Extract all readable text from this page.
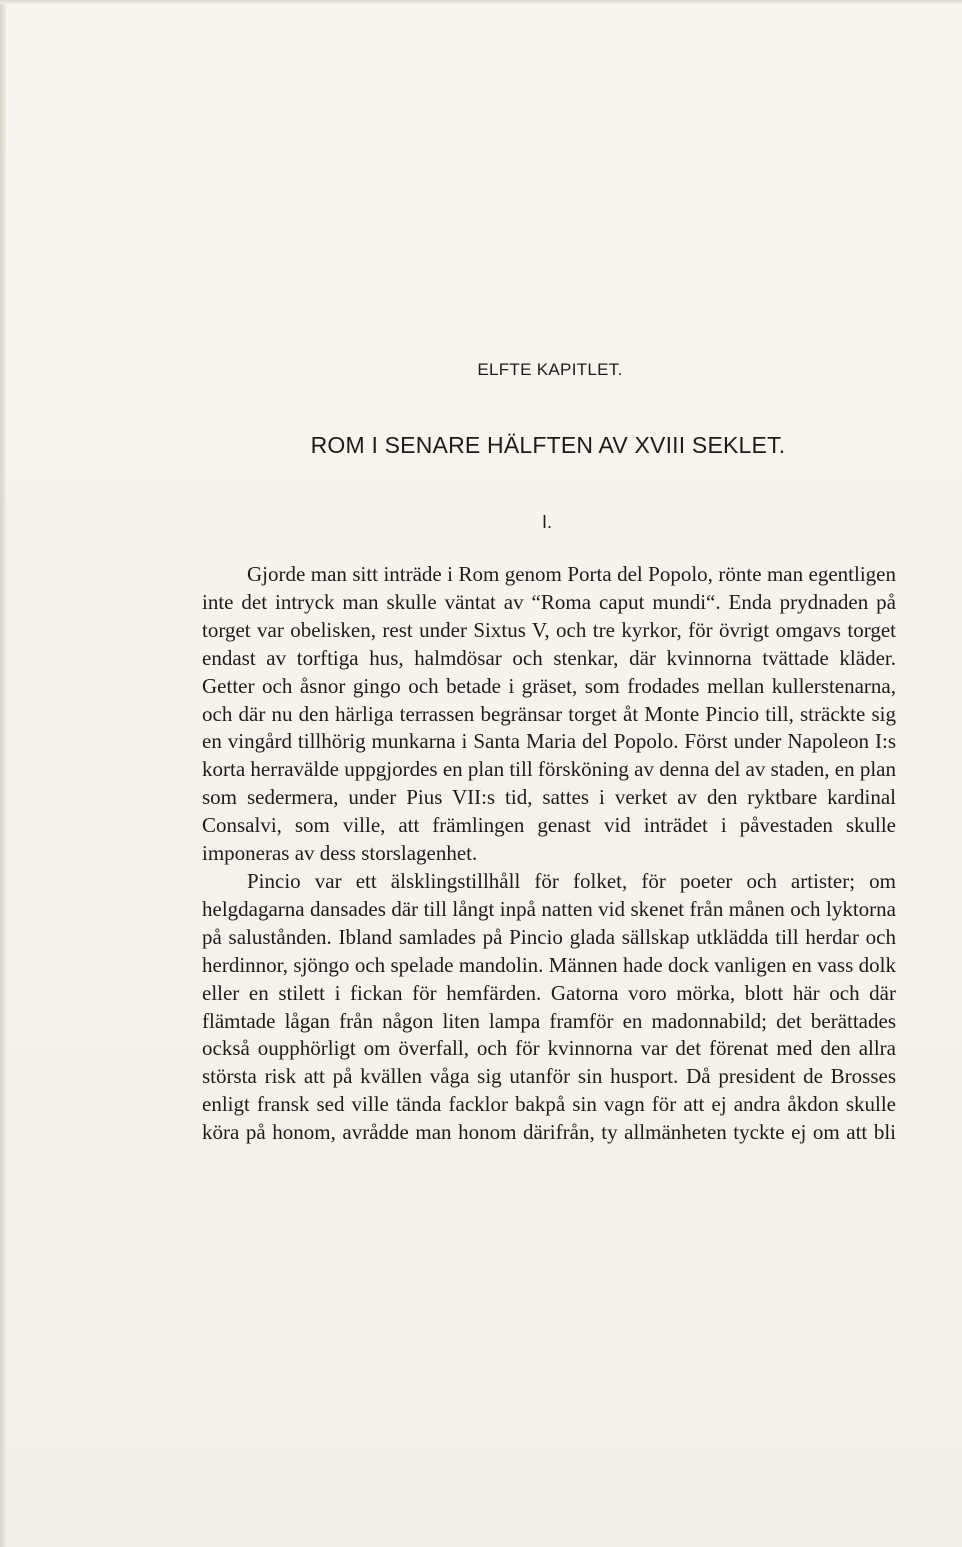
ELFTE KAPITLET.
ROM I SENARE HÄLFTEN AV XVIII SEKLET.
I.

Gjorde man sitt inträde i Rom genom Porta del Popolo, rönte man egentligen inte det intryck man skulle väntat av “Roma caput mundi“. Enda prydnaden på torget var obelisken, rest under Sixtus V, och tre kyrkor, för övrigt omgavs torget endast av torftiga hus, halmdösar och stenkar, där kvinnorna tvättade kläder. Getter och åsnor gingo och betade i gräset, som frodades mellan kullerstenarna, och där nu den härliga terrassen begränsar torget åt Monte Pincio till, sträckte sig en vingård tillhörig munkarna i Santa Maria del Popolo. Först under Napoleon I:s korta herravälde uppgjordes en plan till försköning av denna del av staden, en plan som sedermera, under Pius VII:s tid, sattes i verket av den ryktbare kardinal Consalvi, som ville, att främlingen genast vid inträdet i påvestaden skulle imponeras av dess storslagenhet.

Pincio var ett älsklingstillhåll för folket, för poeter och artister; om helgdagarna dansades där till långt inpå natten vid skenet från månen och lyktorna på salustånden. Ibland samlades på Pincio glada sällskap utklädda till herdar och herdinnor, sjöngo och spelade mandolin. Männen hade dock vanligen en vass dolk eller en stilett i fickan för hemfärden. Gatorna voro mörka, blott här och där flämtade lågan från någon liten lampa framför en madonnabild; det berättades också oupphörligt om överfall, och för kvinnorna var det förenat med den allra största risk att på kvällen våga sig utanför sin husport. Då president de Brosses enligt fransk sed ville tända facklor bakpå sin vagn för att ej andra åkdon skulle köra på honom, avrådde man honom därifrån, ty allmänheten tyckte ej om att bli
